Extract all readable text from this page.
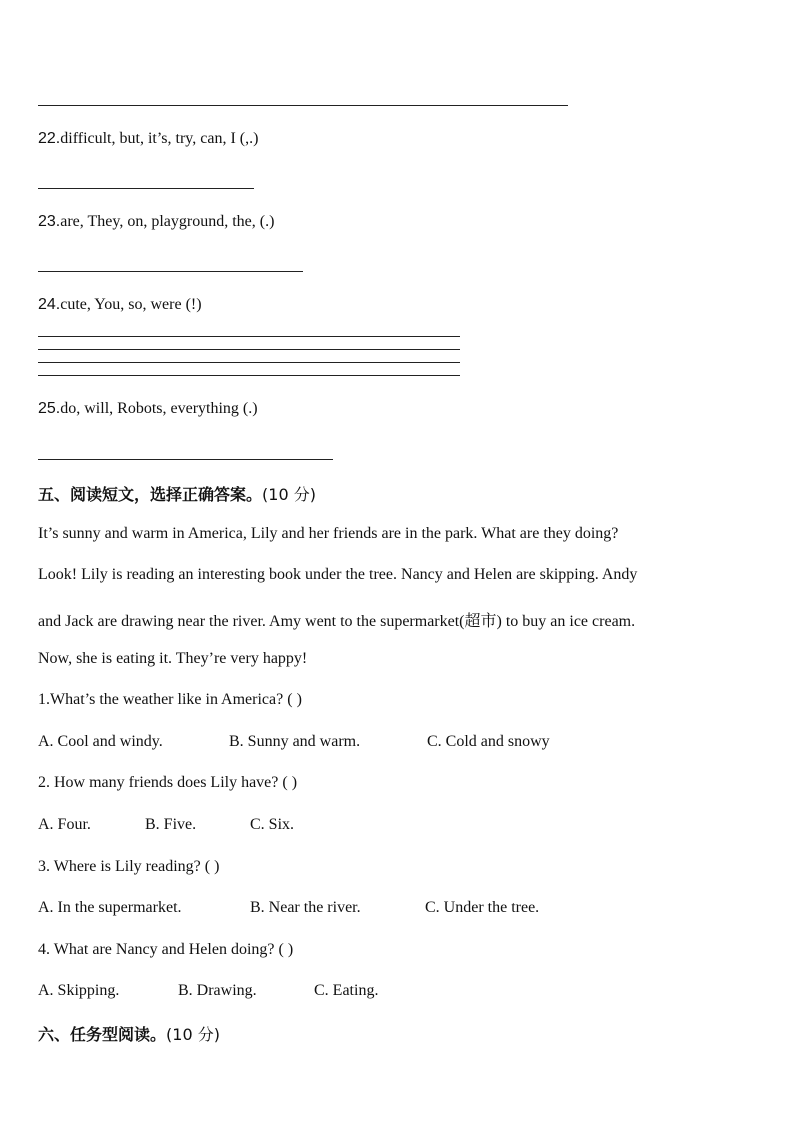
22.difficult, but, it’s, try, can, I (,.)
23.are, They, on, playground, the, (.)
24.cute, You, so, were (!)
25.do, will, Robots, everything (.)
五、阅读短文，选择正确答案。(10 分)
It’s sunny and warm in America, Lily and her friends are in the park. What are they doing?
Look! Lily is reading an interesting book under the tree. Nancy and Helen are skipping. Andy
and Jack are drawing near the river. Amy went to the supermarket(超市) to buy an ice cream.
Now, she is eating it. They’re very happy!
1.What’s the weather like in America? ( )
A. Cool and windy.	B. Sunny and warm.	C. Cold and snowy
2. How many friends does Lily have? ( )
A. Four.	B. Five.	C. Six.
3. Where is Lily reading? ( )
A. In the supermarket.	B. Near the river.	C. Under the tree.
4. What are Nancy and Helen doing? ( )
A. Skipping.	B. Drawing.	C. Eating.
六、任务型阅读。(10 分)
